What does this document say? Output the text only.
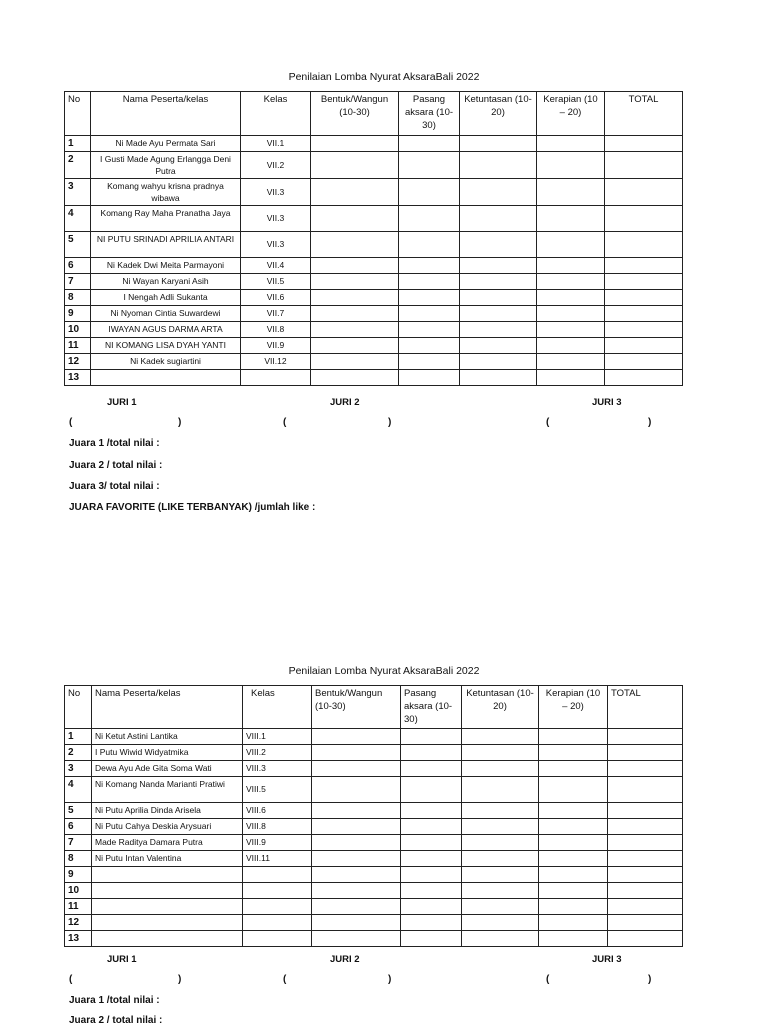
Penilaian Lomba Nyurat AksaraBali 2022
No	Nama Peserta/kelas	Kelas	Bentuk/Wangun (10-30)	Pasang aksara (10-30)	Ketuntasan (10-20)	Kerapian (10 – 20)	TOTAL
1	Ni Made Ayu Permata Sari	VII.1					
2	I Gusti Made Agung Erlangga Deni Putra	VII.2					
3	Komang wahyu krisna pradnya wibawa	VII.3					
4	Komang Ray Maha Pranatha Jaya	VII.3					
5	NI PUTU SRINADI APRILIA ANTARI	VII.3					
6	Ni Kadek Dwi Meita Parmayoni	VII.4					
7	Ni Wayan Karyani Asih	VII.5					
8	I Nengah Adli Sukanta	VII.6					
9	Ni Nyoman Cintia Suwardewi	VII.7					
10	IWAYAN AGUS DARMA ARTA	VII.8					
11	NI KOMANG LISA DYAH YANTI	VII.9					
12	Ni Kadek sugiartini	VII.12					
13							
JURI 1	JURI 2	JURI 3
(	)	(	)	(	)
Juara 1 /total nilai :
Juara 2 / total nilai :
Juara 3/ total nilai :
JUARA FAVORITE (LIKE TERBANYAK) /jumlah like :
Penilaian Lomba Nyurat AksaraBali 2022
No	Nama Peserta/kelas	Kelas	Bentuk/Wangun (10-30)	Pasang aksara (10-30)	Ketuntasan (10-20)	Kerapian (10 – 20)	TOTAL
1	Ni Ketut Astini Lantika	VIII.1					
2	I Putu Wiwid Widyatmika	VIII.2					
3	Dewa Ayu Ade Gita Soma Wati	VIII.3					
4	Ni Komang Nanda Marianti Pratiwi	VIII.5					
5	Ni Putu Aprilia Dinda Arisela	VIII.6					
6	Ni Putu Cahya Deskia Arysuari	VIII.8					
7	Made Raditya Damara Putra	VIII.9					
8	Ni Putu Intan Valentina	VIII.11					
9							
10							
11							
12							
13							
JURI 1	JURI 2	JURI 3
(	)	(	)	(	)
Juara 1 /total nilai :
Juara 2 / total nilai :
